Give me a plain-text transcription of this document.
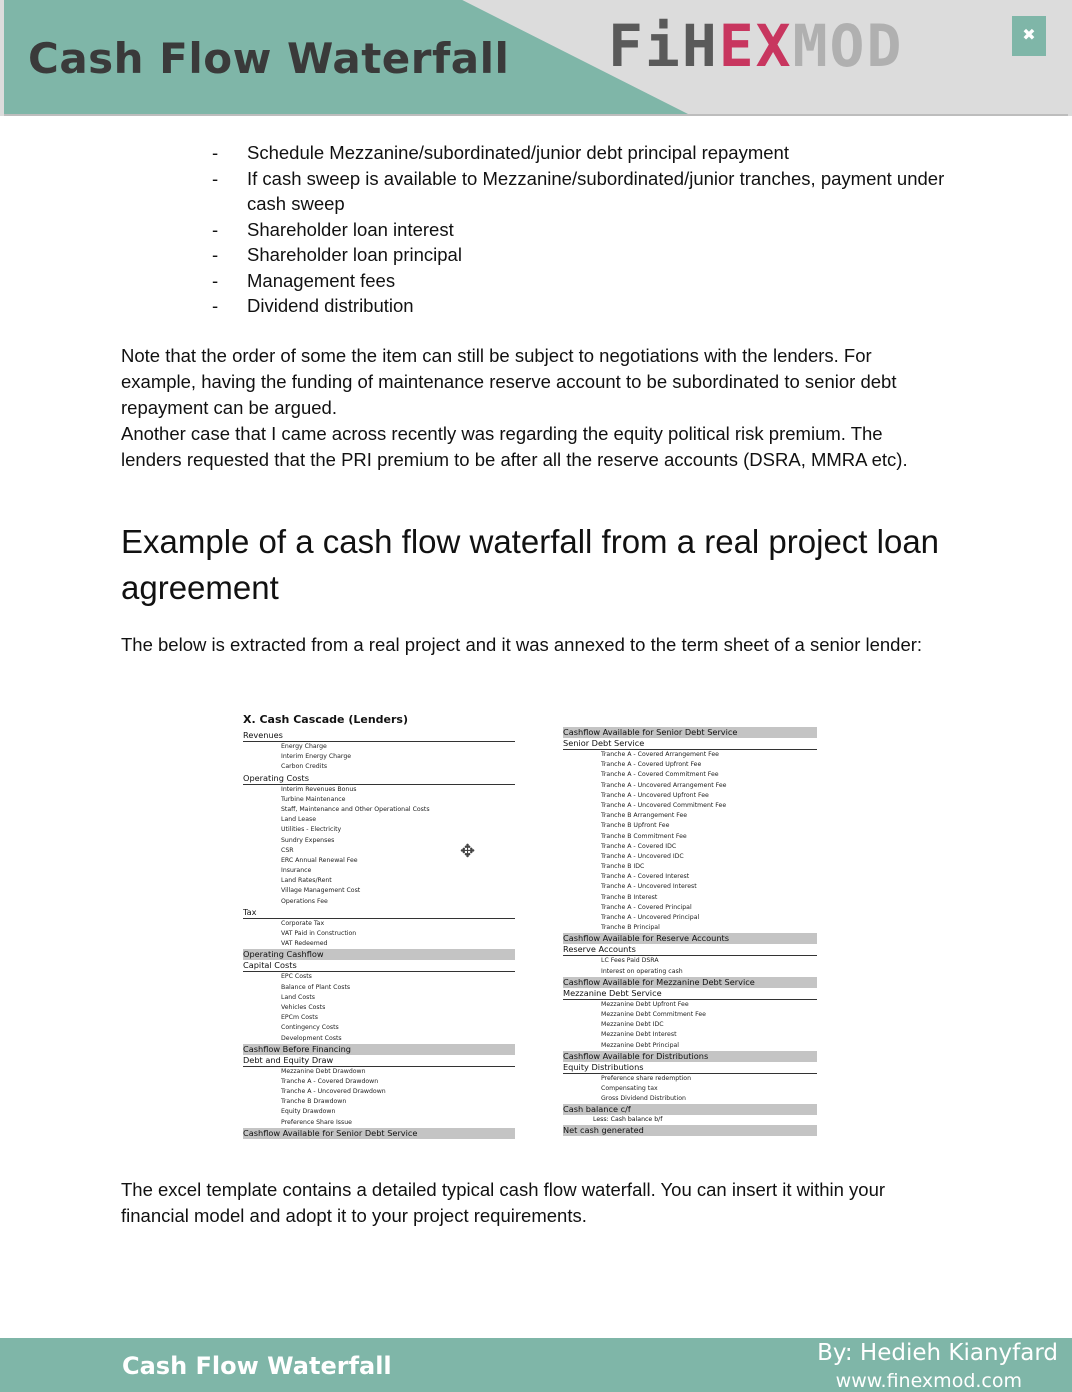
Cash Flow Waterfall FiHEXMOD	✖
- Schedule Mezzanine/subordinated/junior debt principal repayment
- If cash sweep is available to Mezzanine/subordinated/junior tranches, payment under cash sweep
- Shareholder loan interest
- Shareholder loan principal
- Management fees
- Dividend distribution

Note that the order of some the item can still be subject to negotiations with the lenders. For example, having the funding of maintenance reserve account to be subordinated to senior debt repayment can be argued.

Another case that I came across recently was regarding the equity political risk premium. The lenders requested that the PRI premium to be after all the reserve accounts (DSRA, MMRA etc).

Example of a cash flow waterfall from a real project loan agreement

The below is extracted from a real project and it was annexed to the term sheet of a senior lender:

X. Cash Cascade (Lenders)
Revenues
Energy Charge
Interim Energy Charge
Carbon Credits
Operating Costs
Interim Revenues Bonus
Turbine Maintenance
Staff, Maintenance and Other Operational Costs
Land Lease
Utilities - Electricity
Sundry Expenses
CSR
ERC Annual Renewal Fee
Insurance
Land Rates/Rent
Village Management Cost
Operations Fee
Tax
Corporate Tax
VAT Paid in Construction
VAT Redeemed
Operating Cashflow
Capital Costs
EPC Costs
Balance of Plant Costs
Land Costs
Vehicles Costs
EPCm Costs
Contingency Costs
Development Costs
Cashflow Before Financing
Debt and Equity Draw
Mezzanine Debt Drawdown
Tranche A - Covered Drawdown
Tranche A - Uncovered Drawdown
Tranche B Drawdown
Equity Drawdown
Preference Share Issue
Cashflow Available for Senior Debt Service
Cashflow Available for Senior Debt Service
Senior Debt Service
Tranche A - Covered Arrangement Fee
Tranche A - Covered Upfront Fee
Tranche A - Covered Commitment Fee
Tranche A - Uncovered Arrangement Fee
Tranche A - Uncovered Upfront Fee
Tranche A - Uncovered Commitment Fee
Tranche B Arrangement Fee
Tranche B Upfront Fee
Tranche B Commitment Fee
Tranche A - Covered IDC
Tranche A - Uncovered IDC
Tranche B IDC
Tranche A - Covered Interest
Tranche A - Uncovered Interest
Tranche B Interest
Tranche A - Covered Principal
Tranche A - Uncovered Principal
Tranche B Principal
Cashflow Available for Reserve Accounts
Reserve Accounts
LC Fees Paid DSRA
Interest on operating cash
Cashflow Available for Mezzanine Debt Service
Mezzanine Debt Service
Mezzanine Debt Upfront Fee
Mezzanine Debt Commitment Fee
Mezzanine Debt IDC
Mezzanine Debt Interest
Mezzanine Debt Principal
Cashflow Available for Distributions
Equity Distributions
Preference share redemption
Compensating tax
Gross Dividend Distribution
Cash balance c/f
Less: Cash balance b/f
Net cash generated
✥

The excel template contains a detailed typical cash flow waterfall. You can insert it within your financial model and adopt it to your project requirements.

Cash Flow Waterfall	By: Hedieh Kianyfard
www.finexmod.com
